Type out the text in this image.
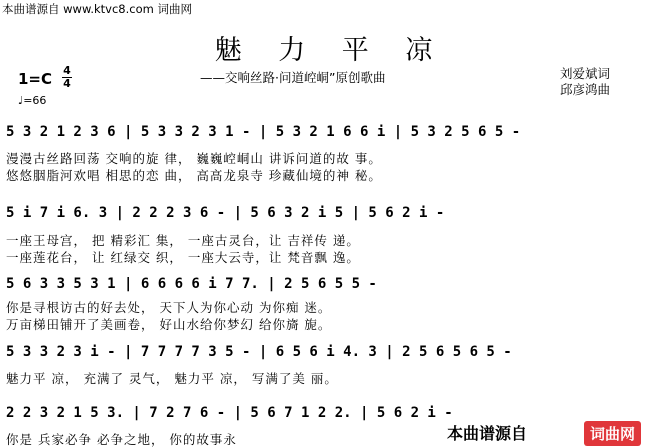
本曲谱源自 www.ktvc8.com 词曲网
魅 力 平 凉
——交响丝路·问道崆峒”原创歌曲	刘爱斌词
邱彦鸿曲
1=C 4
4
♩=66
5 3 2 1 2 3 6 | 5 3 3 2 3 1 - | 5 3 2 1 6 6 i | 5 3 2 5 6 5 -
漫漫古丝路回荡 交响的旋 律， 巍巍崆峒山 讲诉问道的故 事。
悠悠胭脂河欢唱 相思的恋 曲， 高高龙泉寺 珍藏仙境的神 秘。
5 i 7 i 6. 3 | 2 2 2 3 6 - | 5 6 3 2 i 5 | 5 6 2 i -
一座王母宫， 把 精彩汇 集， 一座古灵台，让 吉祥传 递。
一座莲花台， 让 红绿交 织， 一座大云寺，让 梵音飘 逸。
5 6 3 3 5 3 1 | 6 6 6 6 i 7 7. | 2 5 6 5 5 -
你是寻根访古的好去处， 天下人为你心动 为你痴 迷。
万亩梯田铺开了美画卷， 好山水给你梦幻 给你旖 旎。
5 3 3 2 3 i - | 7 7 7 7 3 5 - | 6 5 6 i 4. 3 | 2 5 6 5 6 5 -
魅力平 凉， 充满了 灵气， 魅力平 凉， 写满了美 丽。
2 2 3 2 1 5 3. | 7 2 7 6 - | 5 6 7 1 2 2. | 5 6 2 i -
你是 兵家必争 必争之地， 你的故事永	本曲谱源自	词曲网
